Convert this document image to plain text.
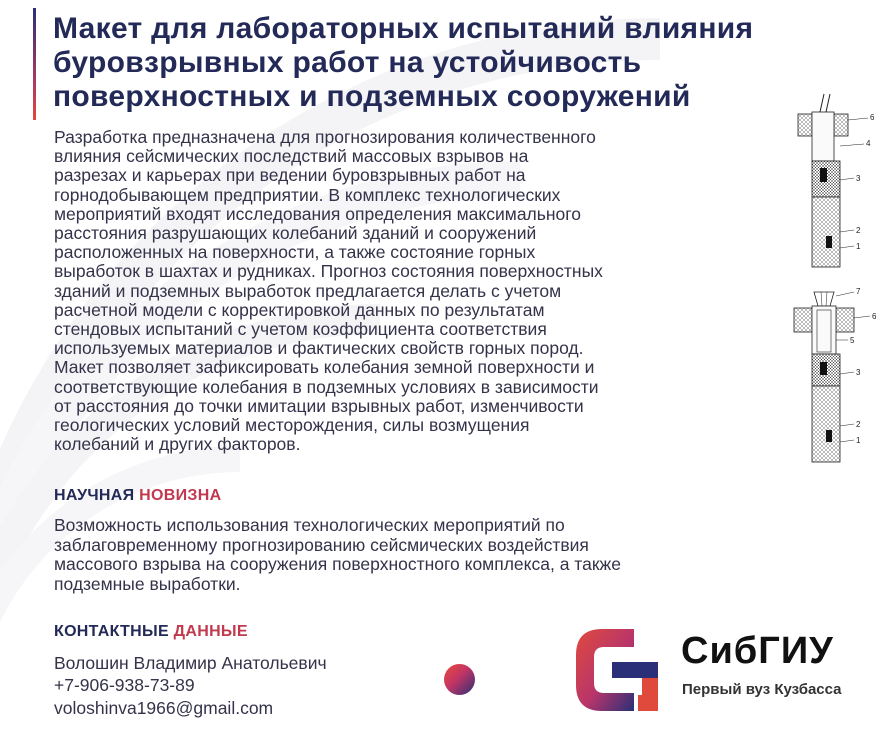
Макет для лабораторных испытаний влияния
буровзрывных работ на устойчивость
поверхностных и подземных сооружений
Разработка предназначена для прогнозирования количественного
влияния сейсмических последствий массовых взрывов на
разрезах и карьерах при ведении буровзрывных работ на
горнодобывающем предприятии. В комплекс технологических
мероприятий входят исследования определения максимального
расстояния разрушающих колебаний зданий и сооружений
расположенных на поверхности, а также состояние горных
выработок в шахтах и рудниках. Прогноз состояния поверхностных
зданий и подземных выработок предлагается делать с учетом
расчетной модели с корректировкой данных по результатам
стендовых испытаний с учетом коэффициента соответствия
используемых материалов и фактических свойств горных пород.
Макет позволяет зафиксировать колебания земной поверхности и
соответствующие колебания в подземных условиях в зависимости
от расстояния до точки имитации взрывных работ, изменчивости
геологических условий месторождения, силы возмущения
колебаний и других факторов.
6
4
3
2
1
7
6
5
3
2
1
НАУЧНАЯ НОВИЗНА
Возможность использования технологических мероприятий по
заблаговременному прогнозированию сейсмических воздействия
массового взрыва на сооружения поверхностного комплекса, а также
подземные выработки.
КОНТАКТНЫЕ ДАННЫЕ
Волошин Владимир Анатольевич
+7-906-938-73-89
voloshinva1966@gmail.com
СибГИУ
Первый вуз Кузбасса
